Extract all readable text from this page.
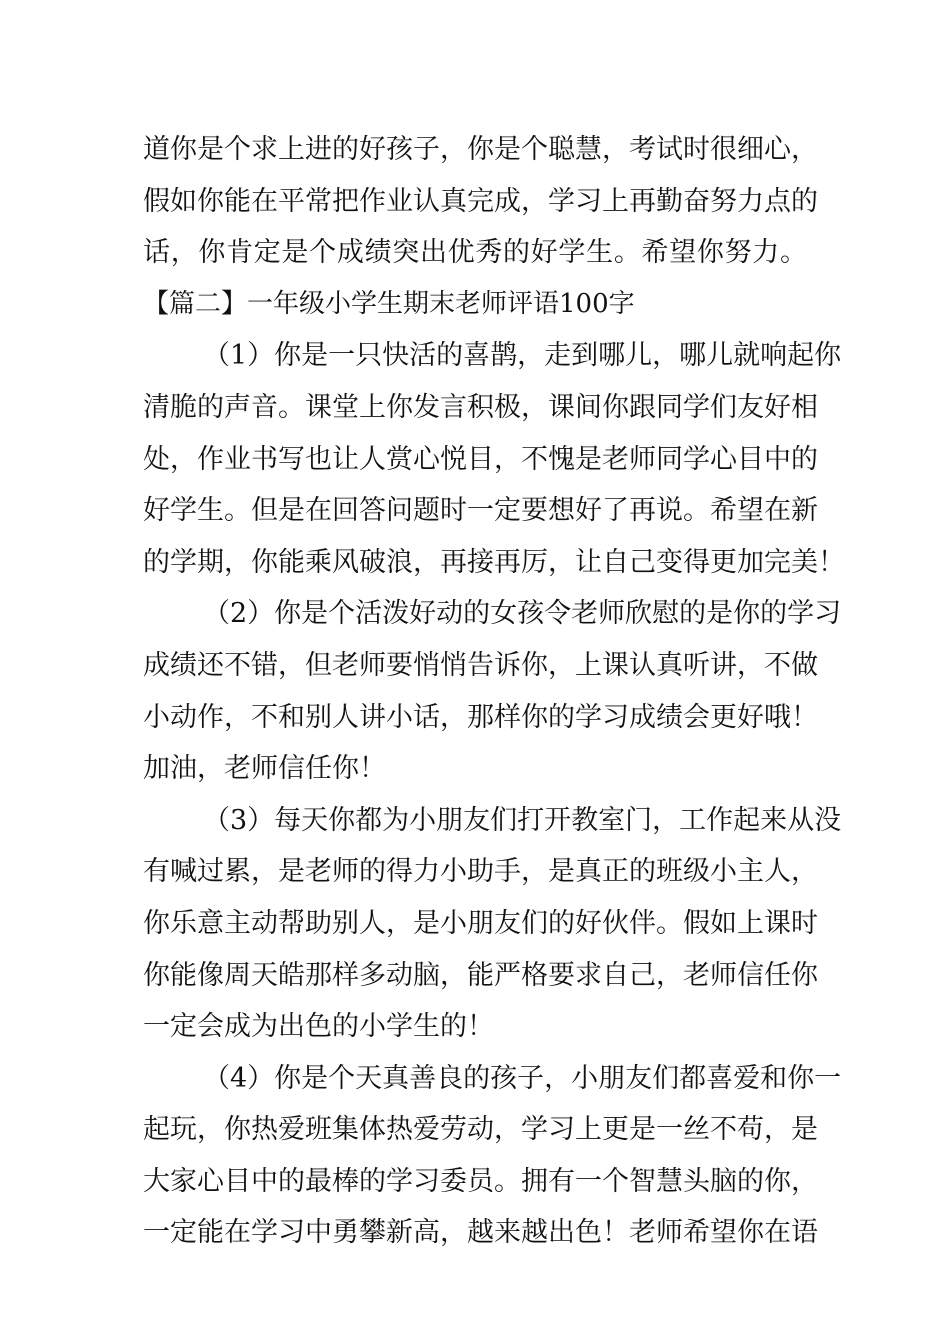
道你是个求上进的好孩子，你是个聪慧，考试时很细心，
假如你能在平常把作业认真完成，学习上再勤奋努力点的
话，你肯定是个成绩突出优秀的好学生。希望你努力。
【篇二】一年级小学生期末老师评语100字
（1）你是一只快活的喜鹊，走到哪儿，哪儿就响起你
清脆的声音。课堂上你发言积极，课间你跟同学们友好相
处，作业书写也让人赏心悦目，不愧是老师同学心目中的
好学生。但是在回答问题时一定要想好了再说。希望在新
的学期，你能乘风破浪，再接再厉，让自己变得更加完美！
（2）你是个活泼好动的女孩令老师欣慰的是你的学习
成绩还不错，但老师要悄悄告诉你，上课认真听讲，不做
小动作，不和别人讲小话，那样你的学习成绩会更好哦！
加油，老师信任你！
（3）每天你都为小朋友们打开教室门，工作起来从没
有喊过累，是老师的得力小助手，是真正的班级小主人，
你乐意主动帮助别人，是小朋友们的好伙伴。假如上课时
你能像周天皓那样多动脑，能严格要求自己，老师信任你
一定会成为出色的小学生的！
（4）你是个天真善良的孩子，小朋友们都喜爱和你一
起玩，你热爱班集体热爱劳动，学习上更是一丝不苟，是
大家心目中的最棒的学习委员。拥有一个智慧头脑的你，
一定能在学习中勇攀新高，越来越出色！老师希望你在语
